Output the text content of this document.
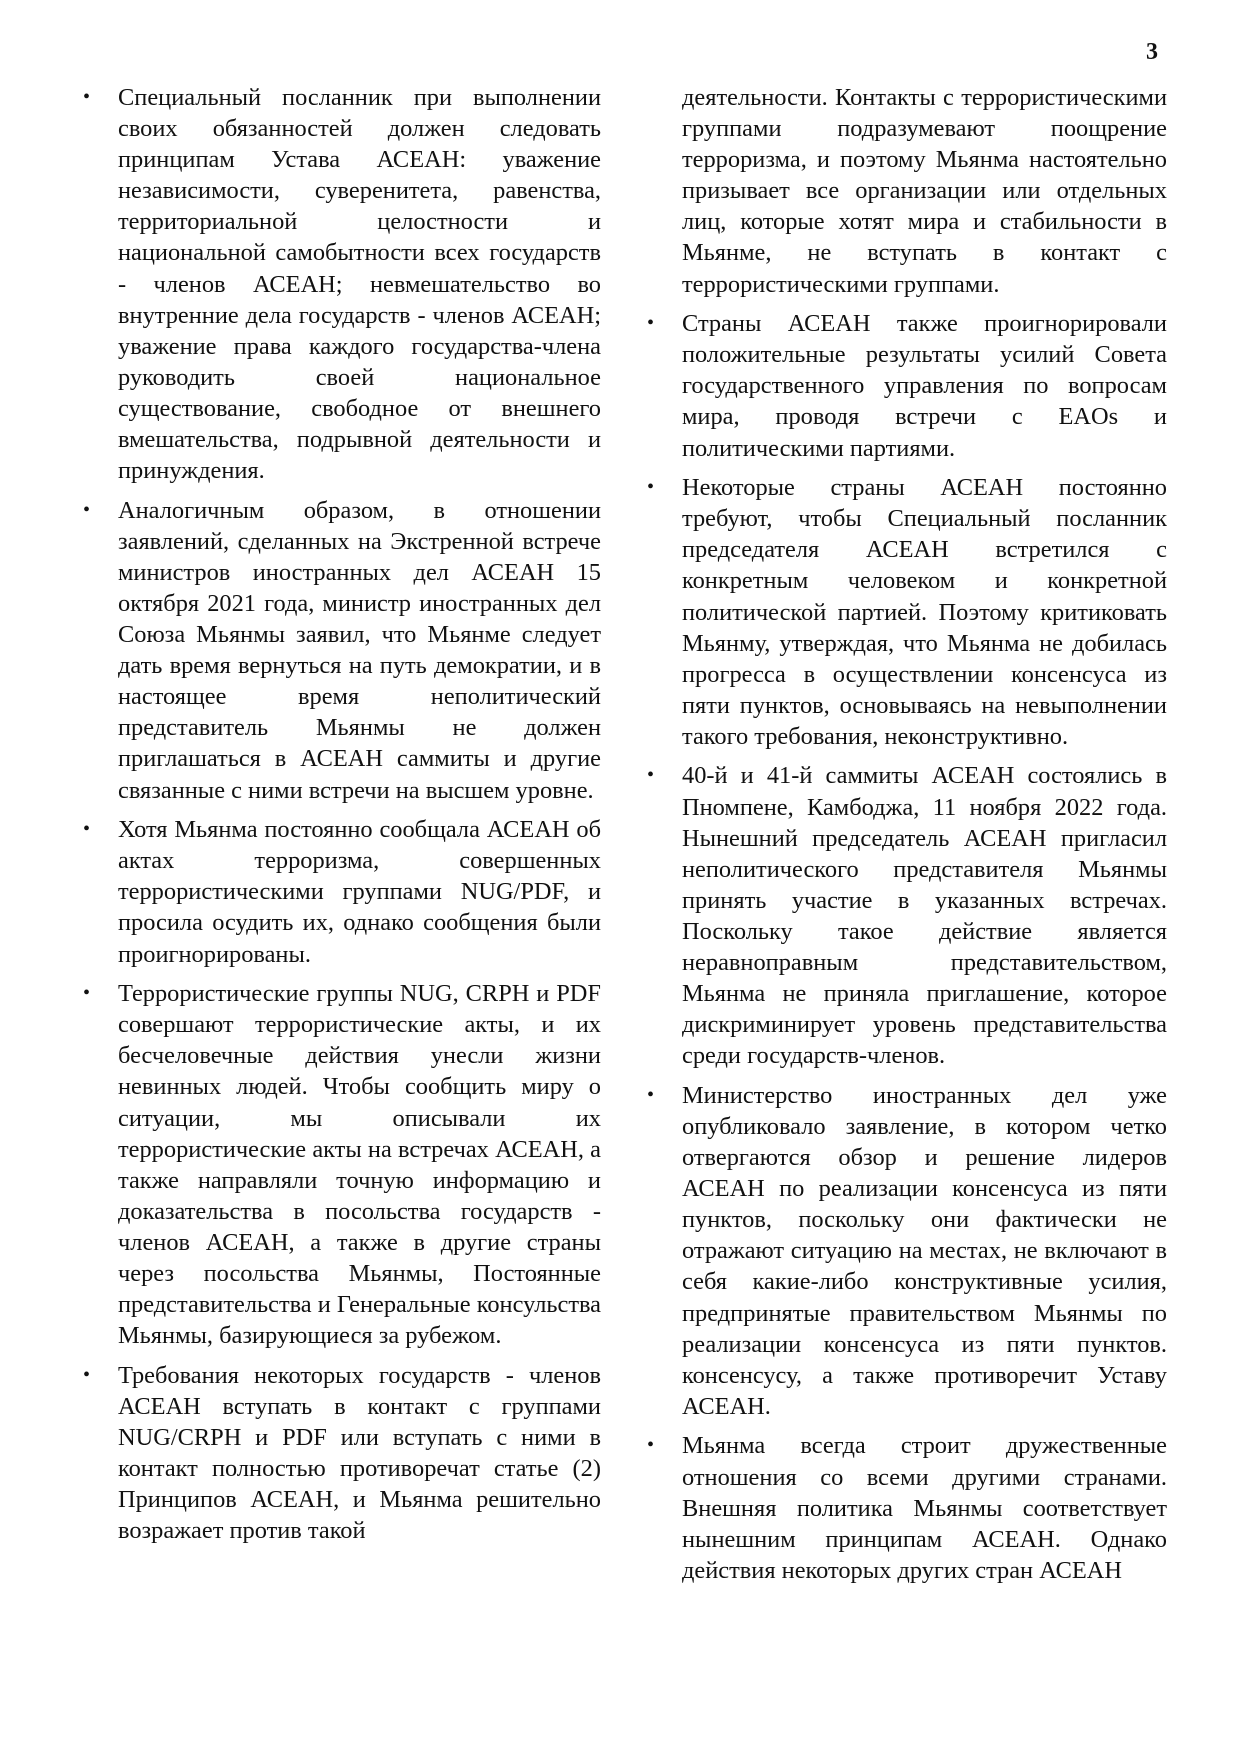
3
• Специальный посланник при выполнении своих обязанностей должен следовать принципам Устава АСЕАН: уважение независимости, суверенитета, равенства, территориальной целостности и национальной самобытности всех государств - членов АСЕАН; невмешательство во внутренние дела государств - членов АСЕАН; уважение права каждого государства-члена руководить своей национальное существование, свободное от внешнего вмешательства, подрывной деятельности и принуждения.
• Аналогичным образом, в отношении заявлений, сделанных на Экстренной встрече министров иностранных дел АСЕАН 15 октября 2021 года, министр иностранных дел Союза Мьянмы заявил, что Мьянме следует дать время вернуться на путь демократии, и в настоящее время неполитический представитель Мьянмы не должен приглашаться в АСЕАН саммиты и другие связанные с ними встречи на высшем уровне.
• Хотя Мьянма постоянно сообщала АСЕАН об актах терроризма, совершенных террористическими группами NUG/PDF, и просила осудить их, однако сообщения были проигнорированы.
• Террористические группы NUG, CRPH и PDF совершают террористические акты, и их бесчеловечные действия унесли жизни невинных людей. Чтобы сообщить миру о ситуации, мы описывали их террористические акты на встречах АСЕАН, а также направляли точную информацию и доказательства в посольства государств - членов АСЕАН, а также в другие страны через посольства Мьянмы, Постоянные представительства и Генеральные консульства Мьянмы, базирующиеся за рубежом.
• Требования некоторых государств - членов АСЕАН вступать в контакт с группами NUG/CRPH и PDF или вступать с ними в контакт полностью противоречат статье (2) Принципов АСЕАН, и Мьянма решительно возражает против такой
деятельности. Контакты с террористическими группами подразумевают поощрение терроризма, и поэтому Мьянма настоятельно призывает все организации или отдельных лиц, которые хотят мира и стабильности в Мьянме, не вступать в контакт с террористическими группами.
• Страны АСЕАН также проигнорировали положительные результаты усилий Совета государственного управления по вопросам мира, проводя встречи с EAOs и политическими партиями.
• Некоторые страны АСЕАН постоянно требуют, чтобы Специальный посланник председателя АСЕАН встретился с конкретным человеком и конкретной политической партией. Поэтому критиковать Мьянму, утверждая, что Мьянма не добилась прогресса в осуществлении консенсуса из пяти пунктов, основываясь на невыполнении такого требования, неконструктивно.
• 40-й и 41-й саммиты АСЕАН состоялись в Пномпене, Камбоджа, 11 ноября 2022 года. Нынешний председатель АСЕАН пригласил неполитического представителя Мьянмы принять участие в указанных встречах. Поскольку такое действие является неравноправным представительством, Мьянма не приняла приглашение, которое дискриминирует уровень представительства среди государств-членов.
• Министерство иностранных дел уже опубликовало заявление, в котором четко отвергаются обзор и решение лидеров АСЕАН по реализации консенсуса из пяти пунктов, поскольку они фактически не отражают ситуацию на местах, не включают в себя какие-либо конструктивные усилия, предпринятые правительством Мьянмы по реализации консенсуса из пяти пунктов. консенсусу, а также противоречит Уставу АСЕАН.
• Мьянма всегда строит дружественные отношения со всеми другими странами. Внешняя политика Мьянмы соответствует нынешним принципам АСЕАН. Однако действия некоторых других стран АСЕАН
